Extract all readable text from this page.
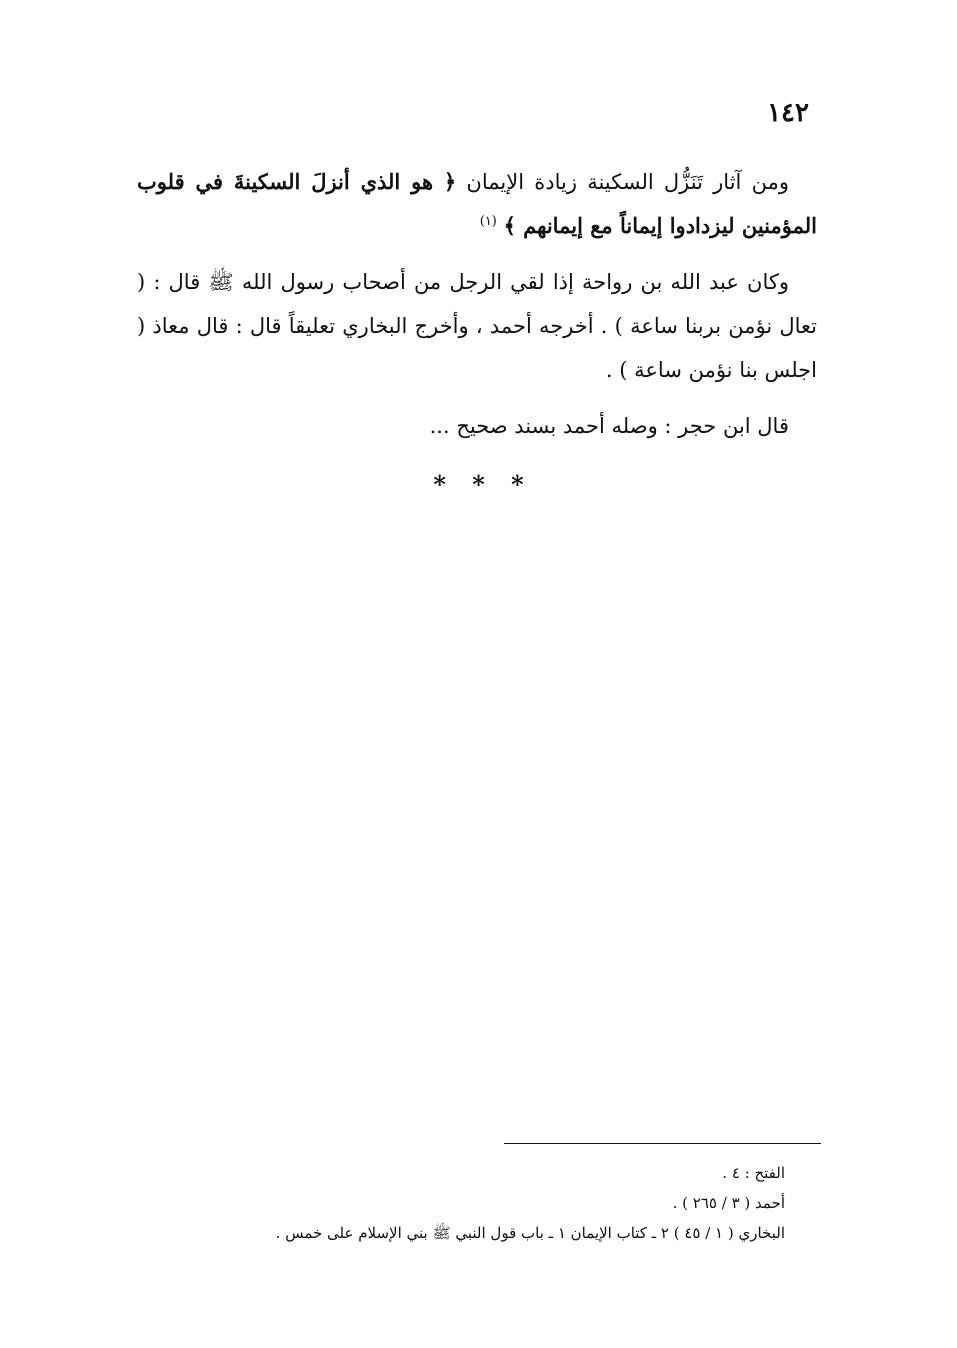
١٤٢

ومن آثار تَنَزُّل السكينة زيادة الإيمان ﴿ هو الذي أنزلَ السكينةَ في قلوب المؤمنين ليزدادوا إيماناً مع إيمانهم ﴾ $^{(١)}$

وكان عبد الله بن رواحة إذا لقي الرجل من أصحاب رسول الله ﷺ قال : ( تعال نؤمن بربنا ساعة ) . أخرجه أحمد ، وأخرج البخاري تعليقاً قال : قال معاذ ( اجلس بنا نؤمن ساعة ) .

قال ابن حجر : وصله أحمد بسند صحيح ...

* * *

الفتح : ٤ .

أحمد ( ٣ / ٢٦٥ ) .

البخاري ( ١ / ٤٥ ) ٢ ـ كتاب الإيمان ١ ـ باب قول النبي ﷺ بني الإسلام على خمس .
